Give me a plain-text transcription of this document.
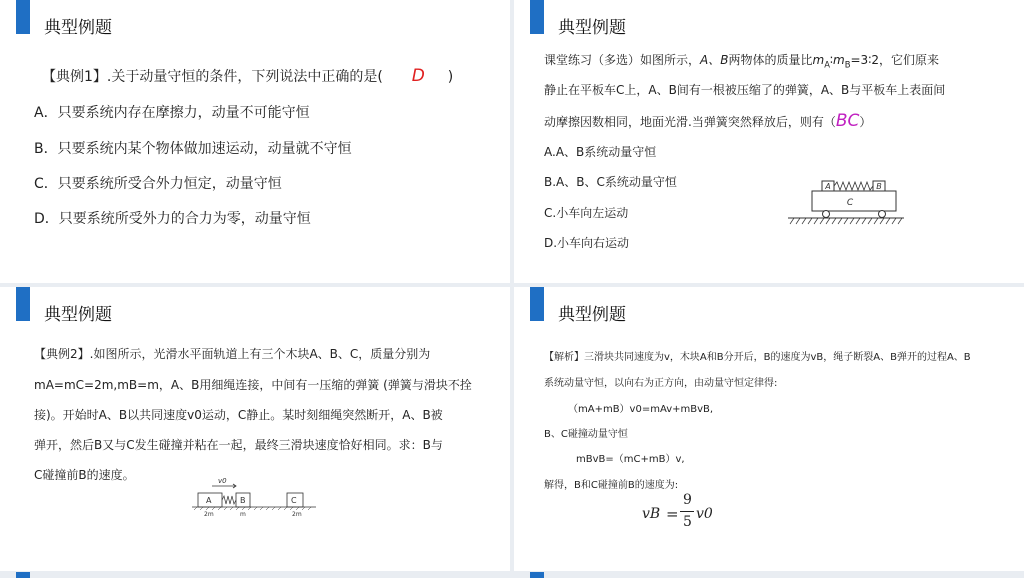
典型例题
【典例1】.关于动量守恒的条件，下列说法中正确的是( D )
A．只要系统内存在摩擦力，动量不可能守恒
B．只要系统内某个物体做加速运动，动量就不守恒
C．只要系统所受合外力恒定，动量守恒
D．只要系统所受外力的合力为零，动量守恒
典型例题
课堂练习（多选）如图所示，A、B两物体的质量比$m_A∶m_B=3∶2$，它们原来
静止在平板车C上，A、B间有一根被压缩了的弹簧，A、B与平板车上表面间
动摩擦因数相同，地面光滑.当弹簧突然释放后，则有（BC）
A.A、B系统动量守恒
B.A、B、C系统动量守恒
C.小车向左运动
D.小车向右运动
A	B
C
典型例题
【典例2】.如图所示，光滑水平面轨道上有三个木块A、B、C，质量分别为
mA=mC=2m,mB=m，A、B用细绳连接，中间有一压缩的弹簧 (弹簧与滑块不拴
接)。开始时A、B以共同速度v0运动，C静止。某时刻细绳突然断开，A、B被
弹开，然后B又与C发生碰撞并粘在一起，最终三滑块速度恰好相同。求：B与
C碰撞前B的速度。	v0
A	B	C
2m	m	2m
典型例题
【解析】三滑块共同速度为v，木块A和B分开后，B的速度为vB，绳子断裂A、B弹开的过程A、B
系统动量守恒，以向右为正方向，由动量守恒定律得:
（mA+mB）v0=mAv+mBvB,
B、C碰撞动量守恒
mBvB=（mC+mB）v,
解得，B和C碰撞前B的速度为:
vB =
9
5 v0
